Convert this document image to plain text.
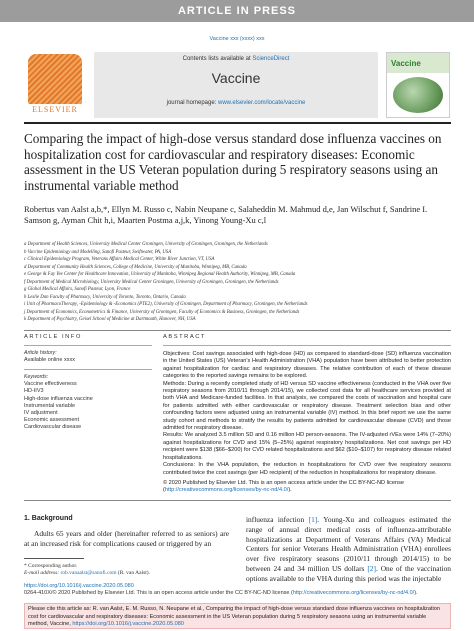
ARTICLE IN PRESS
Vaccine xxx (xxxx) xxx
ELSEVIER
Contents lists available at ScienceDirect
Vaccine
journal homepage: www.elsevier.com/locate/vaccine
Vaccine
Comparing the impact of high-dose versus standard dose influenza vaccines on hospitalization cost for cardiovascular and respiratory diseases: Economic assessment in the US Veteran population during 5 respiratory seasons using an instrumental variable method
Robertus van Aalst a,b,*, Ellyn M. Russo c, Nabin Neupane c, Salaheddin M. Mahmud d,e, Jan Wilschut f, Sandrine I. Samson g, Ayman Chit h,i, Maarten Postma a,j,k, Yinong Young-Xu c,l
a Department of Health Sciences, University Medical Center Groningen, University of Groningen, Groningen, the Netherlands
b Vaccine Epidemiology and Modelling, Sanofi Pasteur, Swiftwater, PA, USA
c Clinical Epidemiology Program, Veterans Affairs Medical Center, White River Junction, VT, USA
d Department of Community Health Sciences, College of Medicine, University of Manitoba, Winnipeg, MB, Canada
e George & Fay Yee Center for Healthcare Innovation, University of Manitoba, Winnipeg Regional Health Authority, Winnipeg, MB, Canada
f Department of Medical Microbiology, University Medical Center Groningen, University of Groningen, Groningen, the Netherlands
g Global Medical Affairs, Sanofi Pasteur, Lyon, France
h Leslie Dan Faculty of Pharmacy, University of Toronto, Toronto, Ontario, Canada
i Unit of PharmacoTherapy, -Epidemiology & -Economics (PTE2), University of Groningen, Department of Pharmacy, Groningen, the Netherlands
j Department of Economics, Econometrics & Finance, University of Groningen, Faculty of Economics & Business, Groningen, the Netherlands
k Department of Psychiatry, Geisel School of Medicine at Dartmouth, Hanover, NH, USA
ARTICLE INFO
Article history:
Available online xxxx
Keywords:
Vaccine effectiveness
HD-IIV3
High-dose influenza vaccine
Instrumental variable
IV adjustment
Economic assessment
Cardiovascular disease
ABSTRACT

Objectives: Cost savings associated with high-dose (HD) as compared to standard-dose (SD) influenza vaccination in the United States (US) Veteran's Health Administration (VHA) population have been attributed to better protection against hospitalization for cardiac and respiratory diseases. The relative contribution of each of these disease categories to the reported savings remains to be explored.

Methods: During a recently completed study of HD versus SD vaccine effectiveness (conducted in the VHA over five respiratory seasons from 2010/11 through 2014/15), we collected cost data for all healthcare services provided at both VHA and Medicare-funded facilities. In that analysis, we compared the costs of vaccination and hospital care for patients admitted with either cardiovascular or respiratory disease. Treatment selection bias and other confounding factors were adjusted using an instrumental variable (IV) method. In this brief report we use the same study cohort and methods to stratify the results by patients admitted for cardiovascular disease (CVD) and those admitted for respiratory disease.

Results: We analyzed 3.5 million SD and 0.16 million HD person-seasons. The IV-adjusted rVEs were 14% (7–20%) against hospitalizations for CVD and 15% (5–25%) against respiratory hospitalizations. Net cost savings per HD recipient were $138 ($66–$200) for CVD related hospitalizations and $62 ($10–$107) for respiratory disease related hospitalizations.

Conclusions: In the VHA population, the reduction in hospitalizations for CVD over five respiratory seasons contributed twice the cost savings (per HD recipient) of the reduction in hospitalizations for respiratory disease.

© 2020 Published by Elsevier Ltd. This is an open access article under the CC BY-NC-ND license (http://creativecommons.org/licenses/by-nc-nd/4.0/).
1. Background
Adults 65 years and older (hereinafter referred to as seniors) are at an increased risk for complications caused or triggered by an
* Corresponding author.
E-mail address: rob.vanaalst@sanofi.com (R. van Aalst).
influenza infection [1]. Young-Xu and colleagues estimated the range of annual direct medical costs of influenza-attributable hospitalizations at Department of Veterans Affairs (VA) Medical Centers for senior Veterans Health Administration (VHA) enrollees over five respiratory seasons (2010/11 through 2014/15) to be between 24 and 34 million US dollars [2]. One of the vaccination options available to the VHA during this period was the injectable
https://doi.org/10.1016/j.vaccine.2020.05.080
0264-410X/© 2020 Published by Elsevier Ltd. This is an open access article under the CC BY-NC-ND license (http://creativecommons.org/licenses/by-nc-nd/4.0/).
Please cite this article as: R. van Aalst, E. M. Russo, N. Neupane et al., Comparing the impact of high-dose versus standard dose influenza vaccines on hospitalization cost for cardiovascular and respiratory diseases: Economic assessment in the US Veteran population during 5 respiratory seasons using an instrumental variable method, Vaccine, https://doi.org/10.1016/j.vaccine.2020.05.080
